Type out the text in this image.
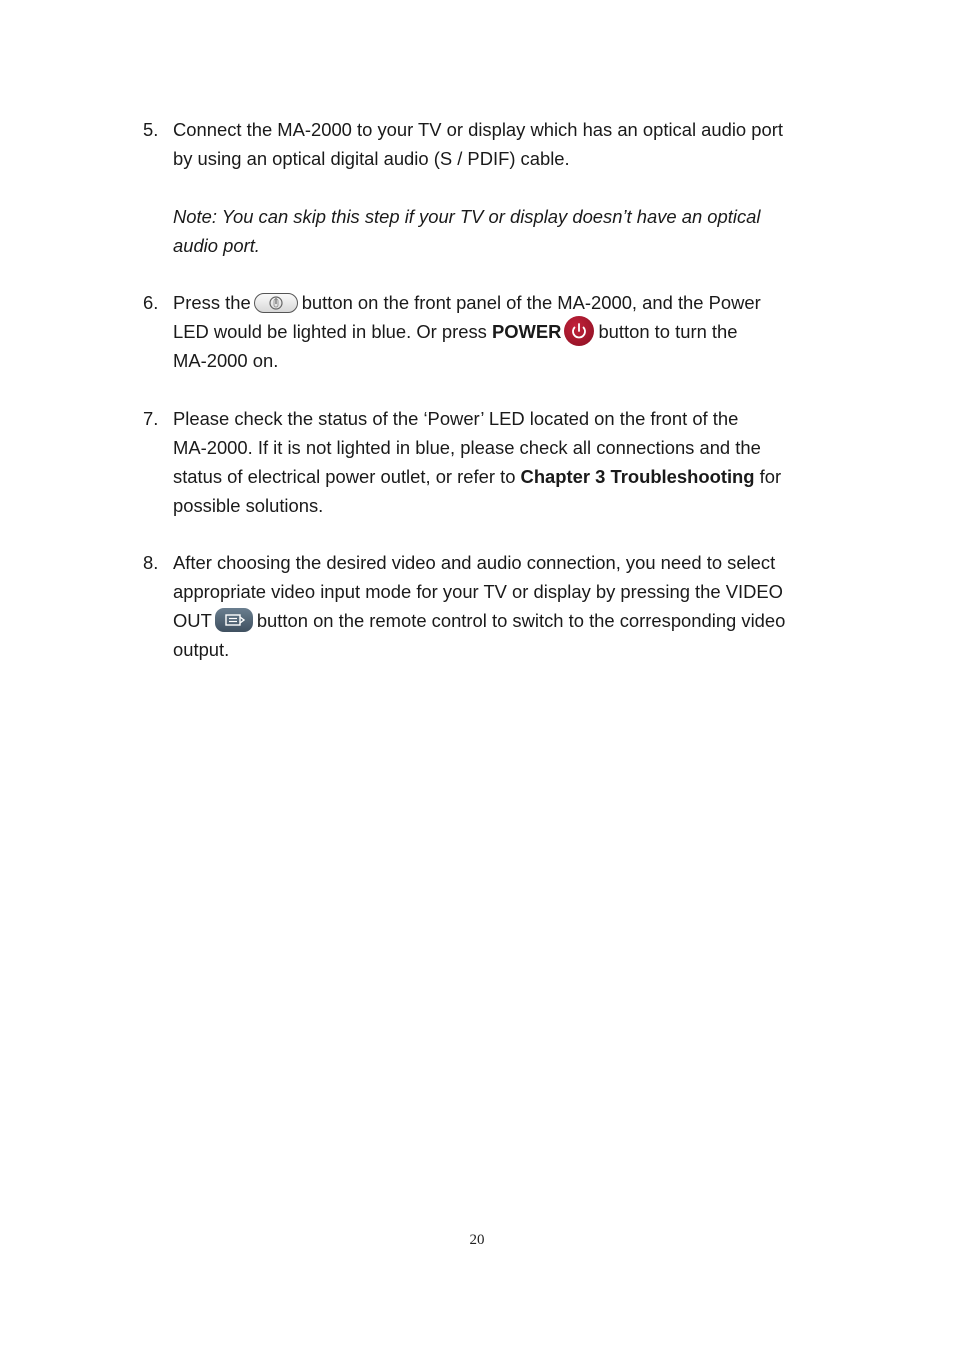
5. Connect the MA-2000 to your TV or display which has an optical audio port
by using an optical digital audio (S / PDIF) cable.
Note: You can skip this step if your TV or display doesn’t have an optical
audio port.
6. Press the	button on the front panel of the MA-2000, and the Power
LED would be lighted in blue. Or press POWER button to turn the
MA-2000 on.
7. Please check the status of the ‘Power’ LED located on the front of the
MA-2000. If it is not lighted in blue, please check all connections and the
status of electrical power outlet, or refer to Chapter 3 Troubleshooting for
possible solutions.
8. After choosing the desired video and audio connection, you need to select
appropriate video input mode for your TV or display by pressing the VIDEO
OUT button on the remote control to switch to the corresponding video
output.
20
